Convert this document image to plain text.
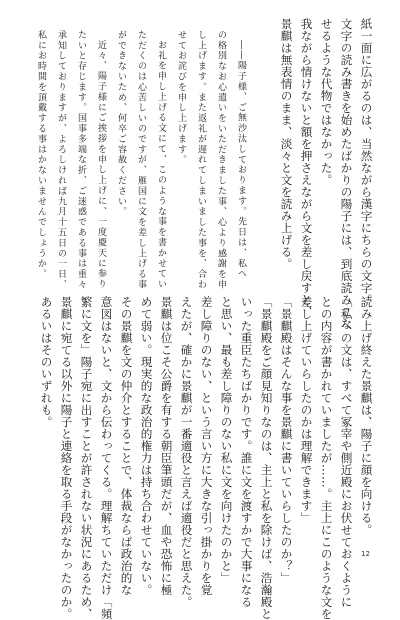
紙一面に広がるのは、当然ながら漢字にちらの文字。
文字の読み書きを始めたばかりの陽子には、到底読みこな
せるような代物ではなかった。
我ながら情けないと額を押さえながら文を差し戻すと、
景麒は無表情のまま、淡々と文を読み上げる。
――陽子様、ご無沙汰しております。先日は、私へ
の格別なお心遣いをいただきました事、心より感謝を申
し上げます。また返礼が遅れてしまいました事を、合わ
せてお詫びを申し上げます。
お礼を申し上げる文にて、このような事を書かせてい
ただくのは心苦しいのですが、雁国に文を差し上げる事
ができないため、何卒ご容赦ください。
近々、陽子様にご挨拶を申し上げに、一度慶天に参り
たいと存じます。国事多端な折、ご迷惑である事は重々
承知しておりますが、よろしければ九月十五日の一日、
私にお時間を頂戴する事はかないませんでしょうか。
読み上げ終えた景麒は、陽子に顔を向ける。
「私への文は、すべて冢宰や側近殿にお伏せておくように
との内容が書かれていましたが……。主上にこのような文を
差し上げていらしたのかは理解できます」
「景麒殿はそんな事を景麒に書いていらしたのか？」
「景麒殿をご顔見知りなのは、主上と私を除けば、浩瀚殿と
いった重臣たちばかりです。誰に文を渡すかで大事になる
と思い、最も差し障りのない私に文を向けたのかと」
差し障りのない、という言い方に大きな引っ掛かりを覚
えたが、確かに景麒が一番適役と言えば適役だと思えた。
景麒は位こそ公爵を有する朝臣筆頭だが、血や恐怖に極
めて弱い。現実的な政治的権力は持ち合わせていない。
その景麒を文の仲介とすることで、体裁ならば政治的な
意図はないと、文から伝わってくる。理解ちていただけ「頻
繁に文を」陽子宛に出すことが許されない状況にあるため、
景麒に宛てる以外に陽子と連絡を取る手段がなかったのか。
あるいはそのいずれも。
12
